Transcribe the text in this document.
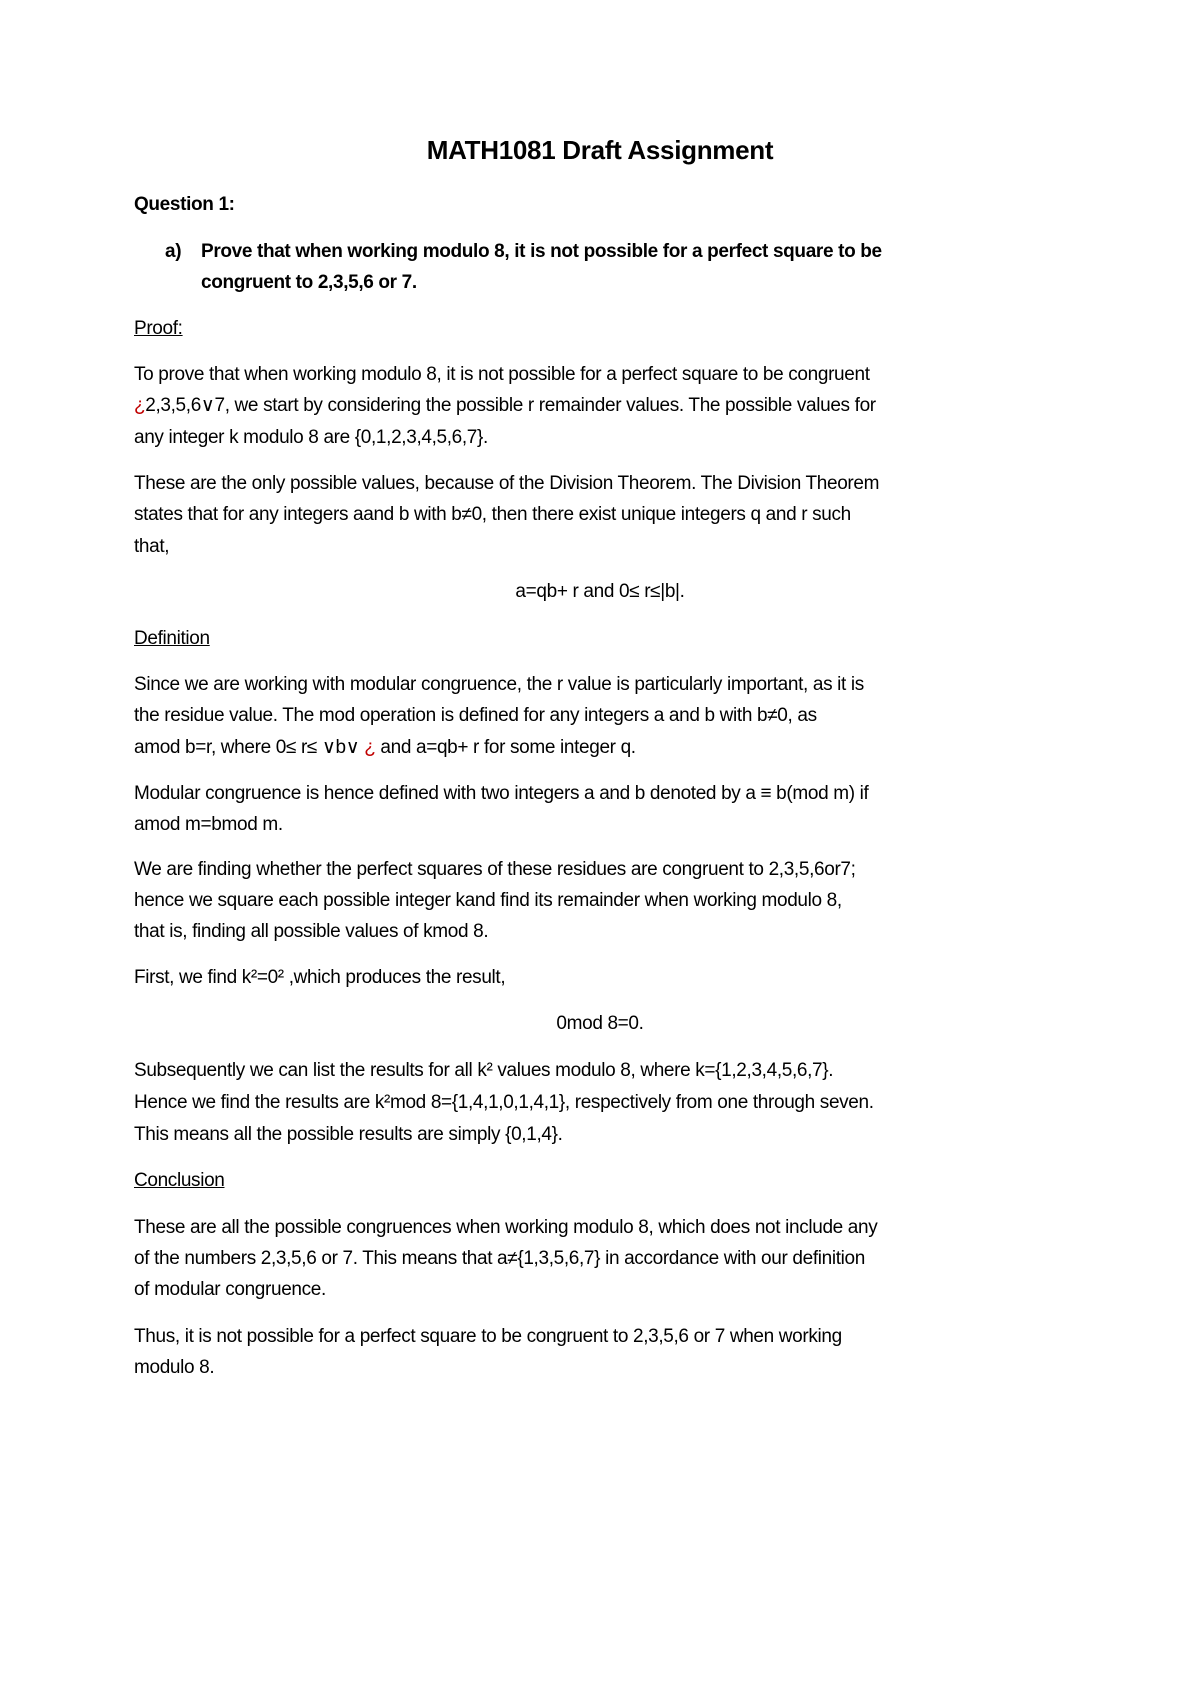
MATH1081 Draft Assignment
Question 1:
a) Prove that when working modulo 8, it is not possible for a perfect square to be
congruent to 2,3,5,6 or 7.
Proof:
To prove that when working modulo 8, it is not possible for a perfect square to be congruent
¿2,3,5,6∨7, we start by considering the possible r remainder values. The possible values for
any integer k modulo 8 are {0,1,2,3,4,5,6,7}.
These are the only possible values, because of the Division Theorem. The Division Theorem
states that for any integers aand b with b≠0, then there exist unique integers q and r such
that,
a=qb+ r and 0≤ r≤|b|.
Definition
Since we are working with modular congruence, the r value is particularly important, as it is
the residue value. The mod operation is defined for any integers a and b with b≠0, as
amod b=r, where 0≤ r≤ ∨b∨ ¿ and a=qb+ r for some integer q.
Modular congruence is hence defined with two integers a and b denoted by a ≡ b(mod m) if
amod m=bmod m.
We are finding whether the perfect squares of these residues are congruent to 2,3,5,6or7;
hence we square each possible integer kand find its remainder when working modulo 8,
that is, finding all possible values of kmod 8.
First, we find k²=0² ,which produces the result,
0mod 8=0.
Subsequently we can list the results for all k² values modulo 8, where k={1,2,3,4,5,6,7}.
Hence we find the results are k²mod 8={1,4,1,0,1,4,1}, respectively from one through seven.
This means all the possible results are simply {0,1,4}.
Conclusion
These are all the possible congruences when working modulo 8, which does not include any
of the numbers 2,3,5,6 or 7. This means that a≠{1,3,5,6,7} in accordance with our definition
of modular congruence.
Thus, it is not possible for a perfect square to be congruent to 2,3,5,6 or 7 when working
modulo 8.
